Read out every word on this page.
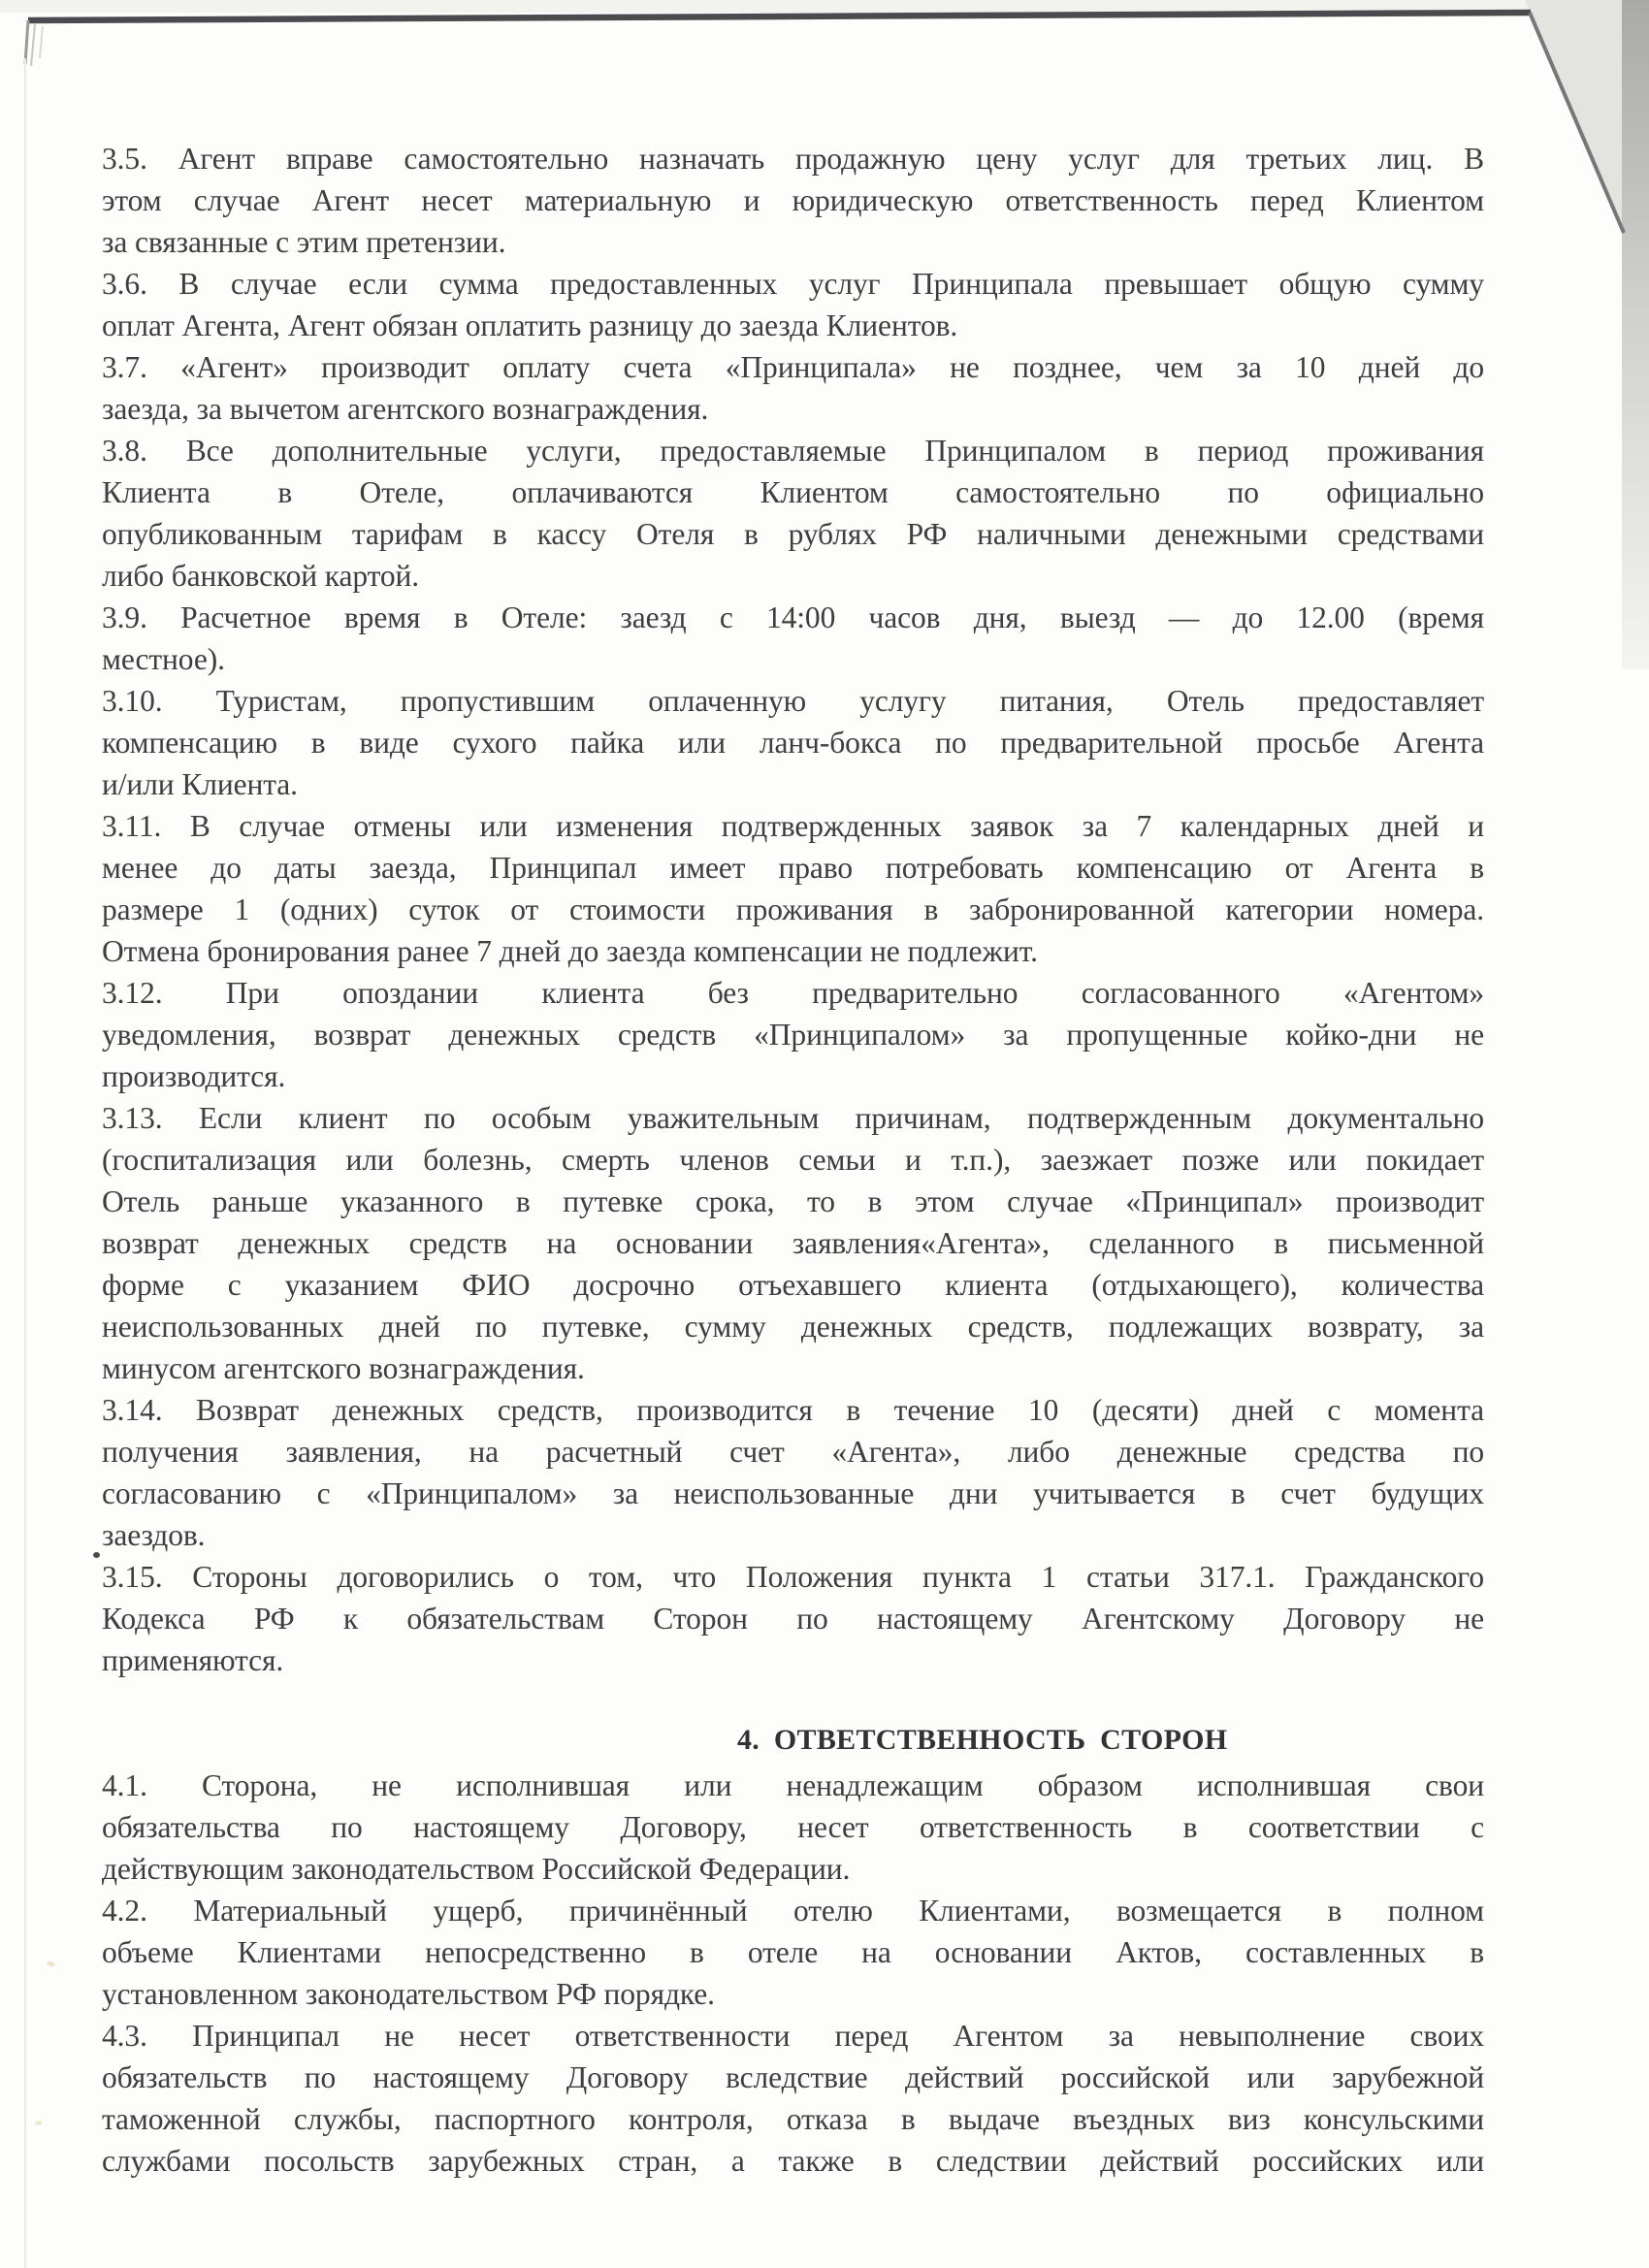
3.5. Агент вправе самостоятельно назначать продажную цену услуг для третьих лиц. В
этом случае Агент несет материальную и юридическую ответственность перед Клиентом
за связанные с этим претензии.
3.6. В случае если сумма предоставленных услуг Принципала превышает общую сумму
оплат Агента, Агент обязан оплатить разницу до заезда Клиентов.
3.7. «Агент» производит оплату счета «Принципала» не позднее, чем за 10 дней до
заезда, за вычетом агентского вознаграждения.
3.8. Все дополнительные услуги, предоставляемые Принципалом в период проживания
Клиента в Отеле, оплачиваются Клиентом самостоятельно по официально
опубликованным тарифам в кассу Отеля в рублях РФ наличными денежными средствами
либо банковской картой.
3.9. Расчетное время в Отеле: заезд с 14:00 часов дня, выезд — до 12.00 (время
местное).
3.10. Туристам, пропустившим оплаченную услугу питания, Отель предоставляет
компенсацию в виде сухого пайка или ланч-бокса по предварительной просьбе Агента
и/или Клиента.
3.11. В случае отмены или изменения подтвержденных заявок за 7 календарных дней и
менее до даты заезда, Принципал имеет право потребовать компенсацию от Агента в
размере 1 (одних) суток от стоимости проживания в забронированной категории номера.
Отмена бронирования ранее 7 дней до заезда компенсации не подлежит.
3.12. При опоздании клиента без предварительно согласованного «Агентом»
уведомления, возврат денежных средств «Принципалом» за пропущенные койко-дни не
производится.
3.13. Если клиент по особым уважительным причинам, подтвержденным документально
(госпитализация или болезнь, смерть членов семьи и т.п.), заезжает позже или покидает
Отель раньше указанного в путевке срока, то в этом случае «Принципал» производит
возврат денежных средств на основании заявления«Агента», сделанного в письменной
форме с указанием ФИО досрочно отъехавшего клиента (отдыхающего), количества
неиспользованных дней по путевке, сумму денежных средств, подлежащих возврату, за
минусом агентского вознаграждения.
3.14. Возврат денежных средств, производится в течение 10 (десяти) дней с момента
получения заявления, на расчетный счет «Агента», либо денежные средства по
согласованию с «Принципалом» за неиспользованные дни учитывается в счет будущих
заездов.
3.15. Стороны договорились о том, что Положения пункта 1 статьи 317.1. Гражданского
Кодекса РФ к обязательствам Сторон по настоящему Агентскому Договору не
применяются.
4. ОТВЕТСТВЕННОСТЬ СТОРОН
4.1. Сторона, не исполнившая или ненадлежащим образом исполнившая свои
обязательства по настоящему Договору, несет ответственность в соответствии с
действующим законодательством Российской Федерации.
4.2. Материальный ущерб, причинённый отелю Клиентами, возмещается в полном
объеме Клиентами непосредственно в отеле на основании Актов, составленных в
установленном законодательством РФ порядке.
4.3. Принципал не несет ответственности перед Агентом за невыполнение своих
обязательств по настоящему Договору вследствие действий российской или зарубежной
таможенной службы, паспортного контроля, отказа в выдаче въездных виз консульскими
службами посольств зарубежных стран, а также в следствии действий российских или
